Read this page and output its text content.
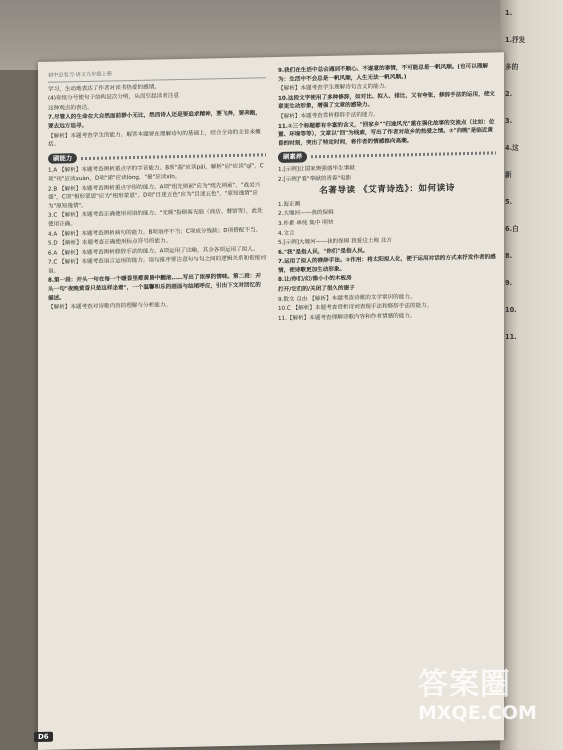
初中总复习·语文九年级上册

学习，生动地表达了作者对读书热爱的感情。

(4)奇怪分号使句子结构层次分明，从而引起读者注意

这种观点的表达。

7.尽管人的生命在大自然面前渺小无比，然而诗人还是要追求精神，要飞奔，要奔跑，要去远方追寻。

【解析】本题考查学生的能力。解答本题要在理解诗句的基础上，结合全诗的主旨来概括。

刷能力

1.A 【解析】本题考查辨析重点字的字音能力。B项"湍"应读pái，解析"启"应读"qǐ"，C项"刊"应读xuàn，D项"涕"应读lòng，"暑"应读xīn。

2.B 【解析】本题考查辨析重点字形的能力。A项"组先则前"应为"组先则前"，"战灵兴盛"，C项"相形蒙恩"应为"相形蒙恩"。D项"目迷五色"应为"目迷五色"，"原知逸情"应为"原知逸情"。

3.C 【解析】本题考查正确使用词语的能力。"光顾"指顾客光临（商店、餐馆等），此处使用正确。

4.A 【解析】本题考查辨析病句的能力。B项语序不当；C项成分残缺；D项搭配不当。

5.D 【解析】本题考查正确使用标点符号的能力。

6.A 【解析】本题考查辨析修辞手法的能力。A项运用了比喻，其余各项运用了拟人。

7.C 【解析】本题考查语言运用的能力。语句排序要注意句与句之间的逻辑关系和衔接词语。

8.第一段：开头一句在每一个暖昏里都黄昏中翻滚……写出了浓厚的情味。第二段：开头一句"夜晚黄昏只是这样坐着"，一个温馨和乐的画面与结尾呼应，引出下文对回忆的描述。

【解析】本题考查对诗歌内容的理解与分析能力。

9.我们在生活中总会遇到不顺心、不遂意的事情，不可能总是一帆风顺。(也可以理解为：生活中不会总是一帆风顺，人生无法一帆风顺。)

【解析】本题考查学生理解诗句含义的能力。

10.这段文字使用了多种修辞，如对比、拟人、排比，又有夸张，修辞手法的运用，使文章更生动形象，增强了文章的感染力。

【解析】本题考查赏析修辞手法的能力。

11.①三个标题都有丰富的含义，"回家乡""归途风光"重在强化故事的交流点（比如：位置、环境等等），文章以"回"为线索，写出了作者对故乡的热爱之情。②"向晚"是临近黄昏的时刻，突出了特定时间，将作者的情感推向高潮。

刷素养

1.[示例]让国家奥强盛毕生事献

2.[示例]"看"奉献的青春"电影

名著导读 《艾青诗选》：如何读诗

1.海正潮

2.大堰河——我的保姆

3.朴素 单纯 集中 明快

4.文言

5.[示例]大堰河——我的保姆 我爱这土地 北方

6."我"是指人民，"你们"是指人民。

7.运用了拟人的修辞手法。②作用：将太阳拟人化，便于运用对话的方式来抒发作者的感情，使诗歌更加生动形象。

8.让/你们/幻/像小小的木板房

打开/它们的/关闭了很久的窗子

9.散文 自由 【解析】本题考查诗歌的文学常识的能力。

10.C 【解析】本题考查赏析诗词表现手法和修辞手法的能力。

11.【解析】本题考查理解诗歌内容和作者情感的能力。

D6
1.
1.抒发
多的
2.
3.
4.这
新
5.
6.白
8.
9.
10.
11.
答案圈
MXQE.COM
